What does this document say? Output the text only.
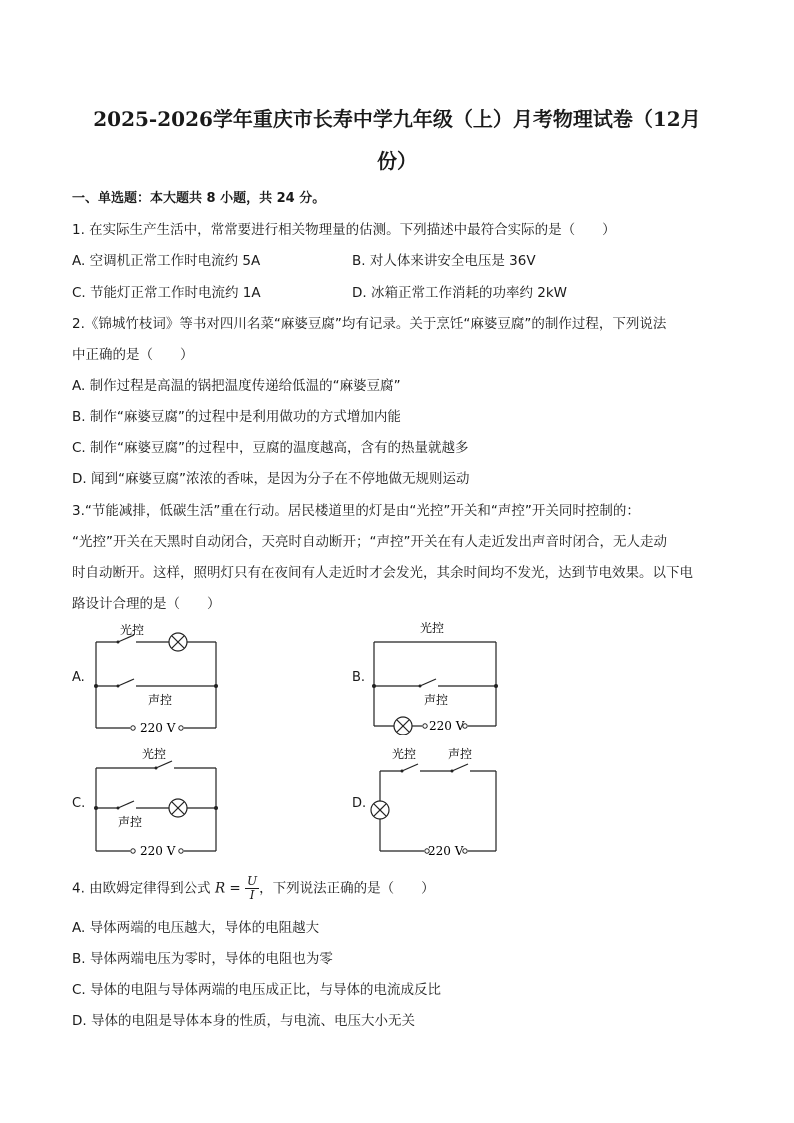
2025-2026学年重庆市长寿中学九年级（上）月考物理试卷（12月
份）
一、单选题：本大题共 8 小题，共 24 分。
1. 在实际生产生活中，常常要进行相关物理量的估测。下列描述中最符合实际的是（　　）
A. 空调机正常工作时电流约 5A	B. 对人体来讲安全电压是 36V
C. 节能灯正常工作时电流约 1A	D. 冰箱正常工作消耗的功率约 2kW
2.《锦城竹枝词》等书对四川名菜“麻婆豆腐”均有记录。关于烹饪“麻婆豆腐”的制作过程，下列说法
中正确的是（　　）
A. 制作过程是高温的锅把温度传递给低温的“麻婆豆腐”
B. 制作“麻婆豆腐”的过程中是利用做功的方式增加内能
C. 制作“麻婆豆腐”的过程中，豆腐的温度越高，含有的热量就越多
D. 闻到“麻婆豆腐”浓浓的香味，是因为分子在不停地做无规则运动
3.“节能减排，低碳生活”重在行动。居民楼道里的灯是由“光控”开关和“声控”开关同时控制的：
“光控”开关在天黑时自动闭合，天亮时自动断开；“声控”开关在有人走近发出声音时闭合，无人走动
时自动断开。这样，照明灯只有在夜间有人走近时才会发光，其余时间均不发光，达到节电效果。以下电
路设计合理的是（　　）
A.
光控
声控
220 V
B.
光控
声控
220 V
C.
光控
声控
220 V
D.
光控	声控
220 V
4. 由欧姆定律得到公式 $R = \frac{U}{I}$ ，下列说法正确的是（　　）
A. 导体两端的电压越大，导体的电阻越大
B. 导体两端电压为零时，导体的电阻也为零
C. 导体的电阻与导体两端的电压成正比，与导体的电流成反比
D. 导体的电阻是导体本身的性质，与电流、电压大小无关
